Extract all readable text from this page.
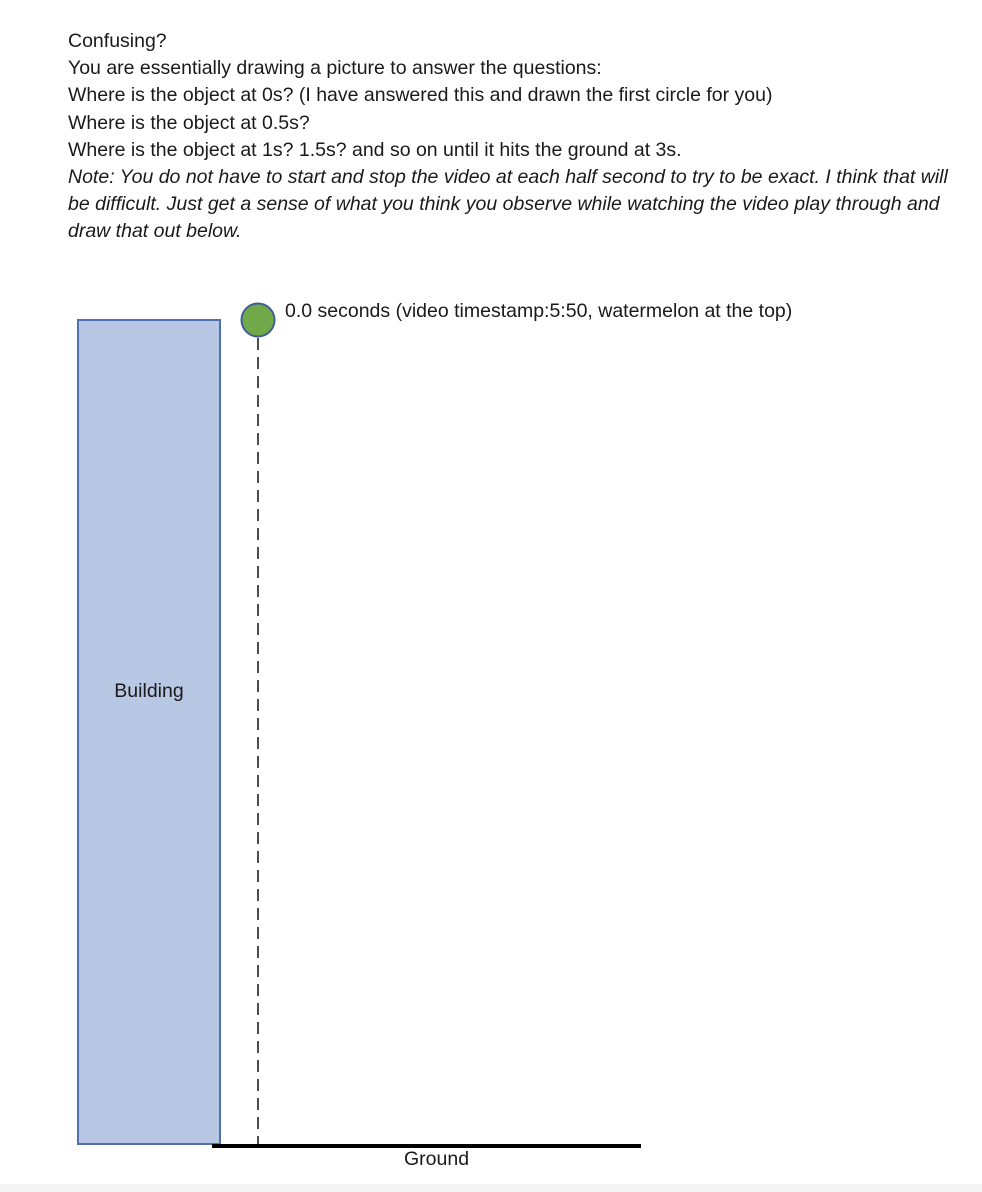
Confusing?

You are essentially drawing a picture to answer the questions:

Where is the object at 0s? (I have answered this and drawn the first circle for you)

Where is the object at 0.5s?

Where is the object at 1s? 1.5s? and so on until it hits the ground at 3s.

Note: You do not have to start and stop the video at each half second to try to be exact. I think that will be difficult. Just get a sense of what you think you observe while watching the video play through and draw that out below.

Building
0.0 seconds (video timestamp:5:50, watermelon at the top)
Ground
